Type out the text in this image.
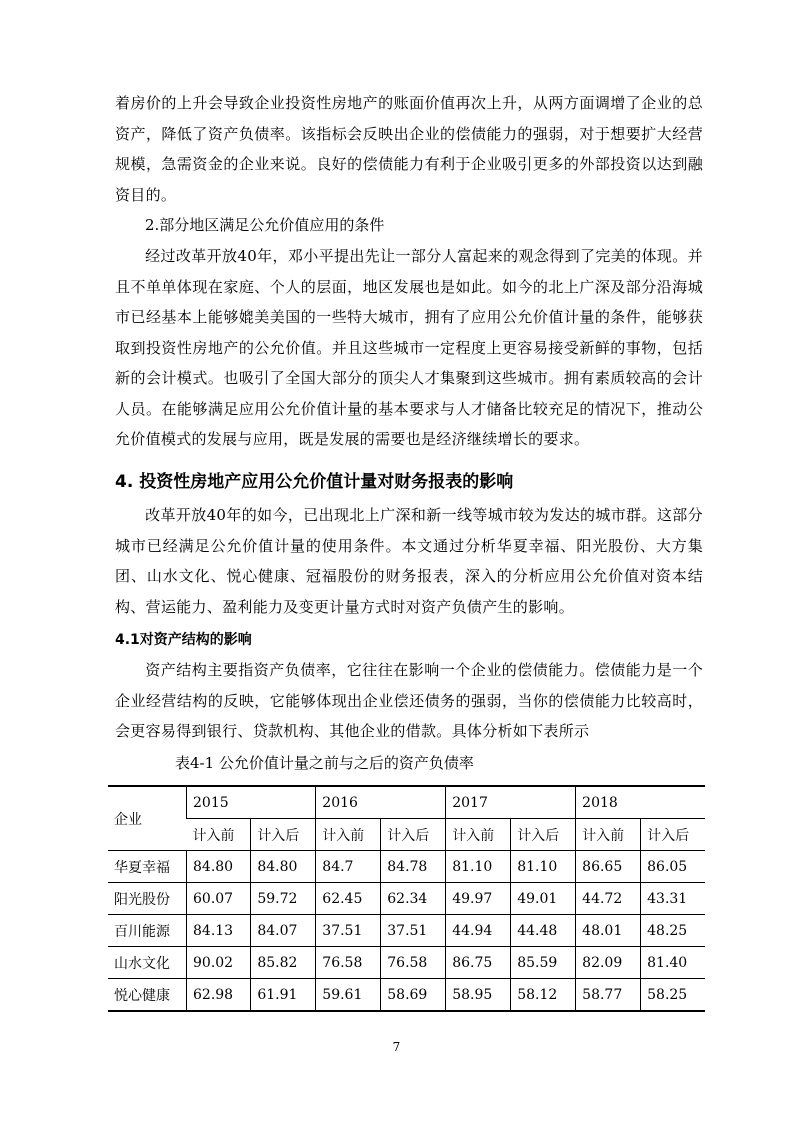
着房价的上升会导致企业投资性房地产的账面价值再次上升，从两方面调增了企业的总资产，降低了资产负债率。该指标会反映出企业的偿债能力的强弱，对于想要扩大经营规模，急需资金的企业来说。良好的偿债能力有利于企业吸引更多的外部投资以达到融资目的。

2.部分地区满足公允价值应用的条件

经过改革开放40年，邓小平提出先让一部分人富起来的观念得到了完美的体现。并且不单单体现在家庭、个人的层面，地区发展也是如此。如今的北上广深及部分沿海城市已经基本上能够媲美美国的一些特大城市，拥有了应用公允价值计量的条件，能够获取到投资性房地产的公允价值。并且这些城市一定程度上更容易接受新鲜的事物，包括新的会计模式。也吸引了全国大部分的顶尖人才集聚到这些城市。拥有素质较高的会计人员。在能够满足应用公允价值计量的基本要求与人才储备比较充足的情况下，推动公允价值模式的发展与应用，既是发展的需要也是经济继续增长的要求。

4. 投资性房地产应用公允价值计量对财务报表的影响

改革开放40年的如今，已出现北上广深和新一线等城市较为发达的城市群。这部分城市已经满足公允价值计量的使用条件。本文通过分析华夏幸福、阳光股份、大方集团、山水文化、悦心健康、冠福股份的财务报表，深入的分析应用公允价值对资本结构、营运能力、盈利能力及变更计量方式时对资产负债产生的影响。

4.1对资产结构的影响

资产结构主要指资产负债率，它往往在影响一个企业的偿债能力。偿债能力是一个企业经营结构的反映，它能够体现出企业偿还债务的强弱，当你的偿债能力比较高时，会更容易得到银行、贷款机构、其他企业的借款。具体分析如下表所示

表4-1 公允价值计量之前与之后的资产负债率

企业	2015		2016		2017		2018	
	计入前	计入后	计入前	计入后	计入前	计入后	计入前	计入后
华夏幸福	84.80	84.80	84.7	84.78	81.10	81.10	86.65	86.05
阳光股份	60.07	59.72	62.45	62.34	49.97	49.01	44.72	43.31
百川能源	84.13	84.07	37.51	37.51	44.94	44.48	48.01	48.25
山水文化	90.02	85.82	76.58	76.58	86.75	85.59	82.09	81.40
悦心健康	62.98	61.91	59.61	58.69	58.95	58.12	58.77	58.25
7
